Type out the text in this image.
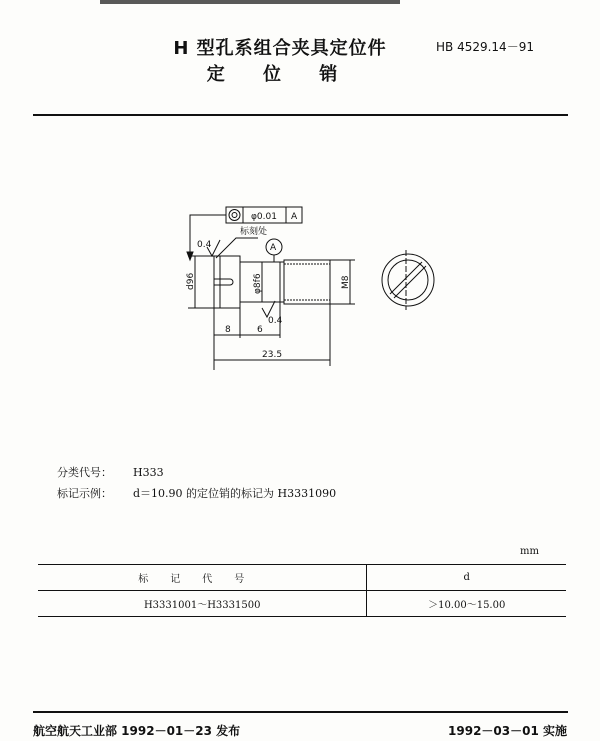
H 型孔系组合夹具定位件
定 位 销
HB 4529.14－91
φ0.01 A
A
标刻处
0.4
0.4
d96	φ8f6	M8
8	6
23.5
分类代号： H333
标记示例： d＝10.90 的定位销的标记为 H3331090
mm
标记代号	d
H3331001～H3331500	＞10.00～15.00
航空航天工业部 1992－01－23 发布	1992－03－01 实施
